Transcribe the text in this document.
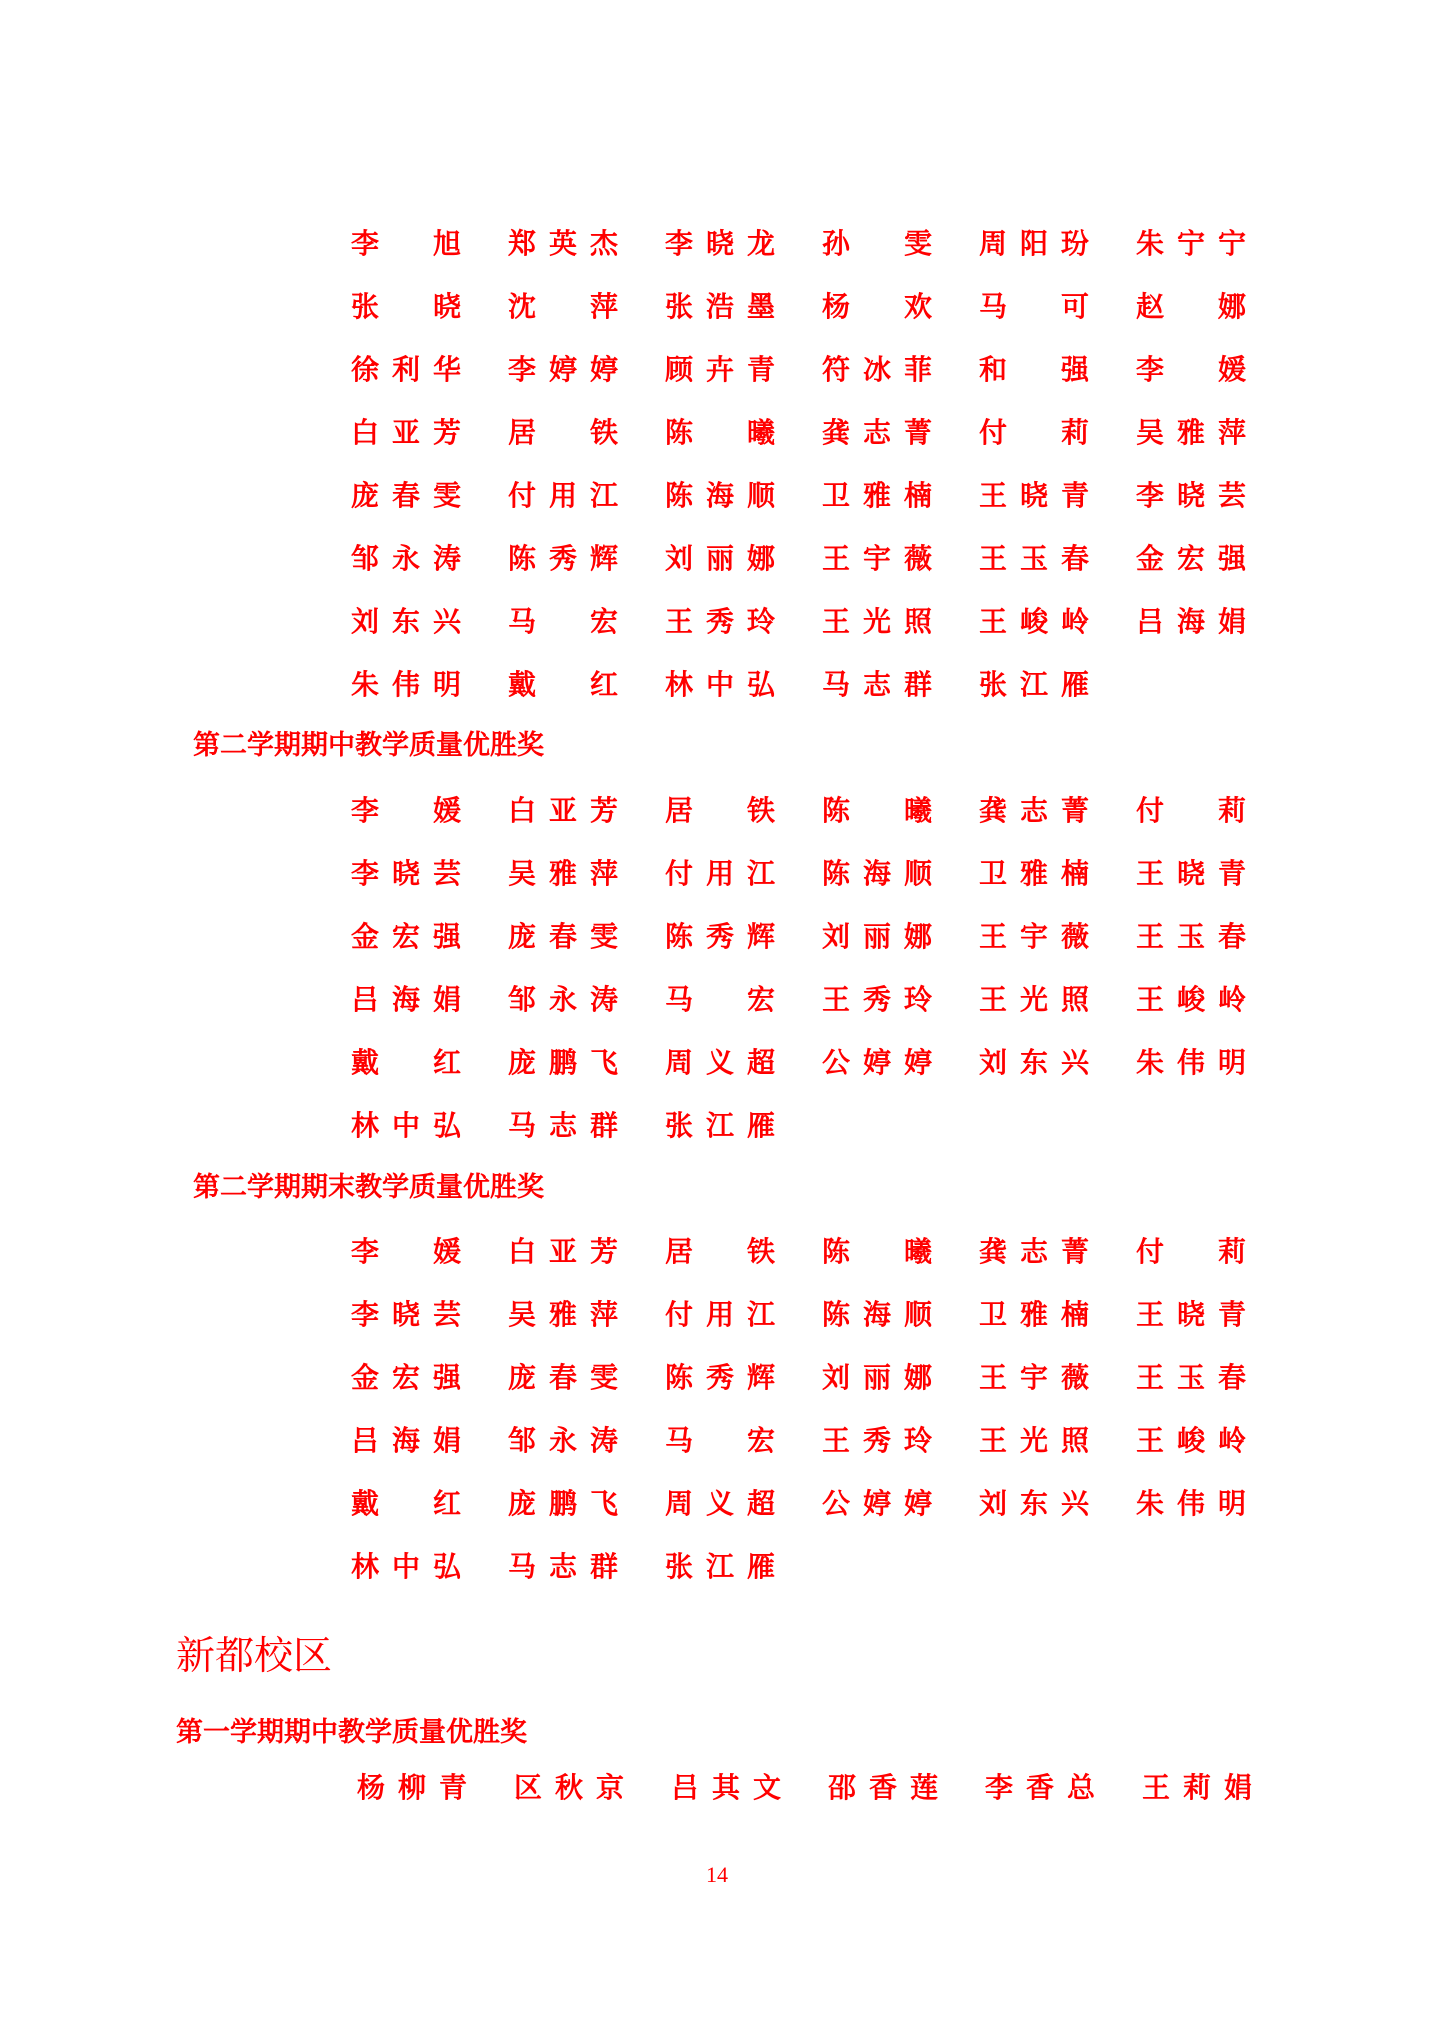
李　旭 郑英杰 李晓龙 孙　雯 周阳玢 朱宁宁
张　晓 沈　萍 张浩墨 杨　欢 马　可 赵　娜
徐利华 李婷婷 顾卉青 符冰菲 和　强 李　媛
白亚芳 居　铁 陈　曦 龚志菁 付　莉 吴雅萍
庞春雯 付用江 陈海顺 卫雅楠 王晓青 李晓芸
邹永涛 陈秀辉 刘丽娜 王宇薇 王玉春 金宏强
刘东兴 马　宏 王秀玲 王光照 王峻岭 吕海娟
朱伟明 戴　红 林中弘 马志群 张江雁
第二学期期中教学质量优胜奖
李　媛 白亚芳 居　铁 陈　曦 龚志菁 付　莉
李晓芸 吴雅萍 付用江 陈海顺 卫雅楠 王晓青
金宏强 庞春雯 陈秀辉 刘丽娜 王宇薇 王玉春
吕海娟 邹永涛 马　宏 王秀玲 王光照 王峻岭
戴　红 庞鹏飞 周义超 公婷婷 刘东兴 朱伟明
林中弘 马志群 张江雁
第二学期期末教学质量优胜奖
李　媛 白亚芳 居　铁 陈　曦 龚志菁 付　莉
李晓芸 吴雅萍 付用江 陈海顺 卫雅楠 王晓青
金宏强 庞春雯 陈秀辉 刘丽娜 王宇薇 王玉春
吕海娟 邹永涛 马　宏 王秀玲 王光照 王峻岭
戴　红 庞鹏飞 周义超 公婷婷 刘东兴 朱伟明
林中弘 马志群 张江雁
新都校区
第一学期期中教学质量优胜奖
杨柳青 区秋京 吕其文 邵香莲 李香总 王莉娟
14
